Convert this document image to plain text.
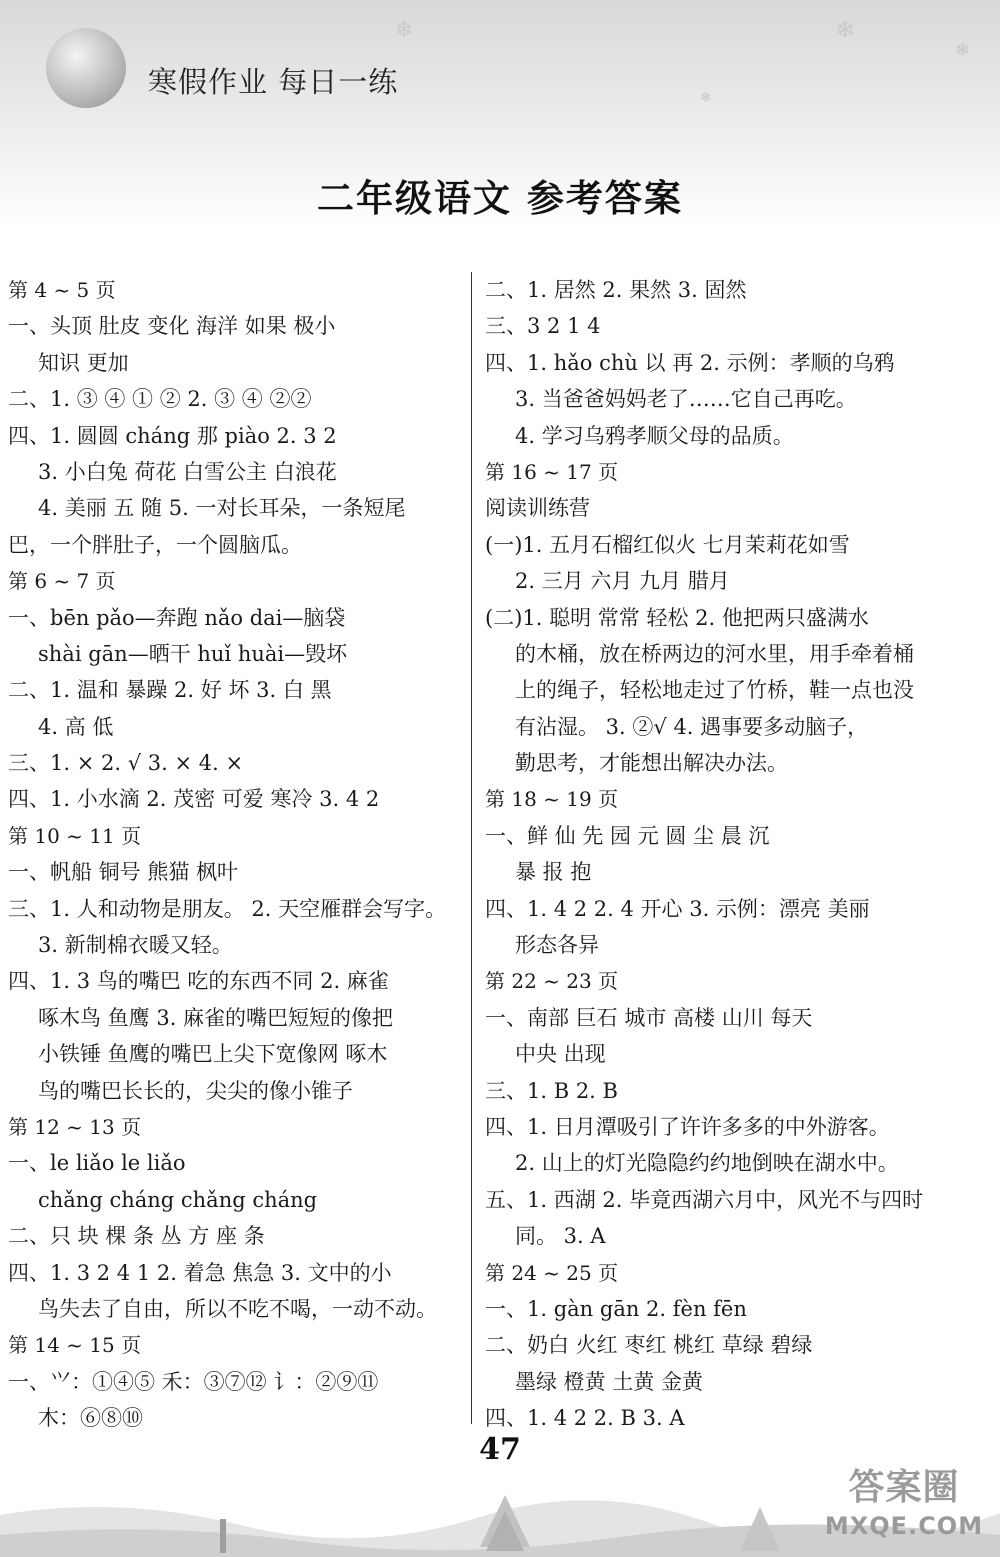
❄	❄
❄
❄
寒假作业 每日一练
二年级语文 参考答案
第 4 ~ 5 页
一、头顶 肚皮 变化 海洋 如果 极小
知识 更加
二、1. ③ ④ ① ② 2. ③ ④ ②②
四、1. 圆圆 cháng 那 piào 2. 3 2
3. 小白兔 荷花 白雪公主 白浪花
4. 美丽 五 随 5. 一对长耳朵，一条短尾
巴，一个胖肚子，一个圆脑瓜。
第 6 ~ 7 页
一、bēn pǎo—奔跑 nǎo dai—脑袋
shài gān—晒干 huǐ huài—毁坏
二、1. 温和 暴躁 2. 好 坏 3. 白 黑
4. 高 低
三、1. × 2. √ 3. × 4. ×
四、1. 小水滴 2. 茂密 可爱 寒冷 3. 4 2
第 10 ~ 11 页
一、帆船 铜号 熊猫 枫叶
三、1. 人和动物是朋友。 2. 天空雁群会写字。
3. 新制棉衣暖又轻。
四、1. 3 鸟的嘴巴 吃的东西不同 2. 麻雀
啄木鸟 鱼鹰 3. 麻雀的嘴巴短短的像把
小铁锤 鱼鹰的嘴巴上尖下宽像网 啄木
鸟的嘴巴长长的，尖尖的像小锥子
第 12 ~ 13 页
一、le liǎo le liǎo
chǎng cháng chǎng cháng
二、只 块 棵 条 丛 方 座 条
四、1. 3 2 4 1 2. 着急 焦急 3. 文中的小
鸟失去了自由，所以不吃不喝，一动不动。
第 14 ~ 15 页
一、⺍：①④⑤ 禾：③⑦⑫ 讠：②⑨⑪
木：⑥⑧⑩
二、1. 居然 2. 果然 3. 固然
三、3 2 1 4
四、1. hǎo chù 以 再 2. 示例：孝顺的乌鸦
3. 当爸爸妈妈老了……它自己再吃。
4. 学习乌鸦孝顺父母的品质。
第 16 ~ 17 页
阅读训练营
(一)1. 五月石榴红似火 七月茉莉花如雪
2. 三月 六月 九月 腊月
(二)1. 聪明 常常 轻松 2. 他把两只盛满水
的木桶，放在桥两边的河水里，用手牵着桶
上的绳子，轻松地走过了竹桥，鞋一点也没
有沾湿。 3. ②√ 4. 遇事要多动脑子，
勤思考，才能想出解决办法。
第 18 ~ 19 页
一、鲜 仙 先 园 元 圆 尘 晨 沉
暴 报 抱
四、1. 4 2 2. 4 开心 3. 示例：漂亮 美丽
形态各异
第 22 ~ 23 页
一、南部 巨石 城市 高楼 山川 每天
中央 出现
三、1. B 2. B
四、1. 日月潭吸引了许许多多的中外游客。
2. 山上的灯光隐隐约约地倒映在湖水中。
五、1. 西湖 2. 毕竟西湖六月中，风光不与四时
同。 3. A
第 24 ~ 25 页
一、1. gàn gān 2. fèn fēn
二、奶白 火红 枣红 桃红 草绿 碧绿
墨绿 橙黄 土黄 金黄
四、1. 4 2 2. B 3. A
47
答案圈
MXQE.COM
